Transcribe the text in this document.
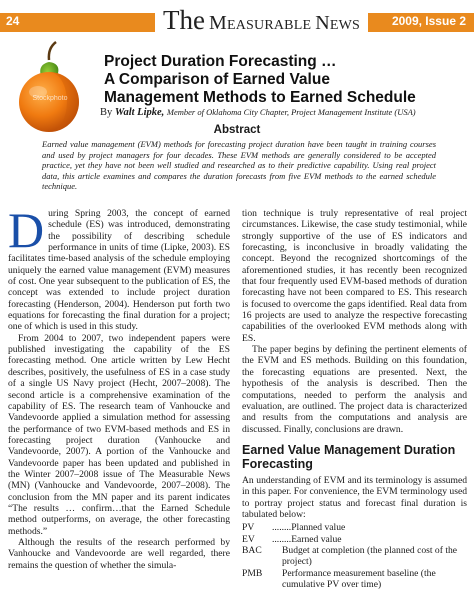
24	The Measurable News	2009, Issue 2
Stockphoto
Project Duration Forecasting …
A Comparison of Earned Value
Management Methods to Earned Schedule
By Walt Lipke, Member of Oklahoma City Chapter, Project Management Institute (USA)
Abstract
Earned value management (EVM) methods for forecasting project duration have been taught in training courses and used by project managers for four decades. These EVM methods are generally considered to be accepted practice, yet they have not been well studied and researched as to their predictive capability. Using real project data, this article examines and compares the duration forecasts from five EVM methods to the earned schedule technique.

During Spring 2003, the concept of earned schedule (ES) was introduced, demonstrating the possibility of describing schedule performance in units of time (Lipke, 2003). ES facilitates time-based analysis of the schedule employing uniquely the earned value management (EVM) measures of cost. One year subsequent to the publication of ES, the concept was extended to include project duration forecasting (Henderson, 2004). Henderson put forth two equations for forecasting the final duration for a project; one of which is used in this study.

From 2004 to 2007, two independent papers were published investigating the capability of the ES forecasting method. One article written by Lew Hecht describes, positively, the usefulness of ES in a case study of a single US Navy project (Hecht, 2007–2008). The second article is a comprehensive examination of the capability of ES. The research team of Vanhoucke and Vandevoorde applied a simulation method for assessing the performance of two EVM-based methods and ES in forecasting project duration (Vanhoucke and Vandevoorde, 2007). A portion of the Vanhoucke and Vandevoorde paper has been updated and published in the Winter 2007–2008 issue of The Measurable News (MN) (Vanhoucke and Vandevoorde, 2007–2008). The conclusion from the MN paper and its parent indicates “The results … confirm…that the Earned Schedule method outperforms, on average, the other forecasting methods.”

Although the results of the research performed by Vanhoucke and Vandevoorde are well regarded, there remains the question of whether the simula-

tion technique is truly representative of real project circumstances. Likewise, the case study testimonial, while strongly supportive of the use of ES indicators and forecasting, is inconclusive in broadly validating the concept. Beyond the recognized shortcomings of the aforementioned studies, it has recently been recognized that four frequently used EVM-based methods of duration forecasting have not been compared to ES. This research is focused to overcome the gaps identified. Real data from 16 projects are used to analyze the respective forecasting capabilities of the overlooked EVM methods along with ES.

The paper begins by defining the pertinent elements of the EVM and ES methods. Building on this foundation, the forecasting equations are presented. Next, the hypothesis of the analysis is described. Then the computations, needed to perform the analysis and evaluation, are outlined. The project data is characterized and results from the computations and analysis are discussed. Finally, conclusions are drawn.

Earned Value Management Duration Forecasting

An understanding of EVM and its terminology is assumed in this paper. For convenience, the EVM terminology used to portray project status and forecast final duration is tabulated below:

PV	........Planned value
EV	........Earned value
BAC	Budget at completion (the planned cost of the project)
PMB	Performance measurement baseline (the cumulative PV over time)
